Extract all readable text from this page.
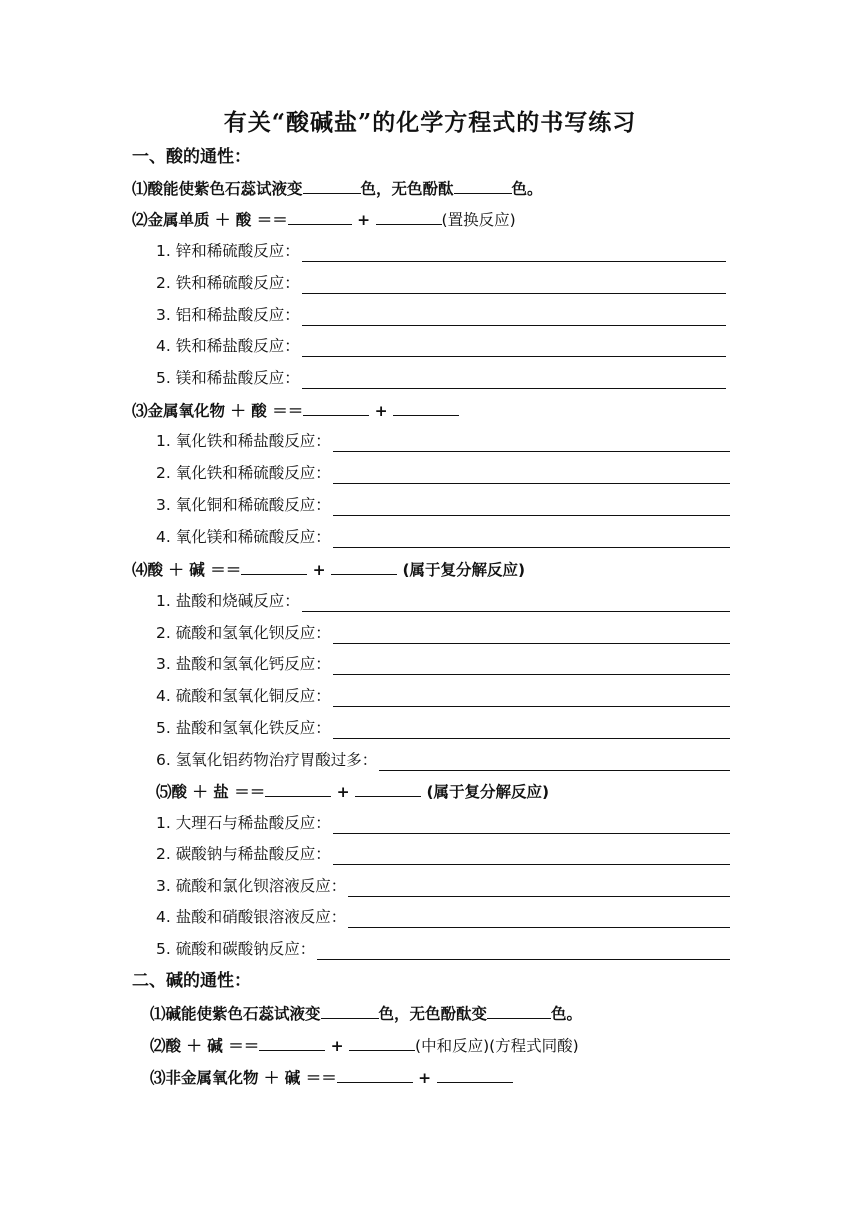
有关“酸碱盐”的化学方程式的书写练习
一、酸的通性：
⑴酸能使紫色石蕊试液变	色，无色酚酞	色。
⑵金属单质 ＋ 酸 ＝＝	+	(置换反应)
1. 锌和稀硫酸反应：
2. 铁和稀硫酸反应：
3. 铝和稀盐酸反应：
4. 铁和稀盐酸反应：
5. 镁和稀盐酸反应：
⑶金属氧化物 ＋ 酸 ＝＝	+
1. 氧化铁和稀盐酸反应：
2. 氧化铁和稀硫酸反应：
3. 氧化铜和稀硫酸反应：
4. 氧化镁和稀硫酸反应：
⑷酸 ＋ 碱 ＝＝	+	(属于复分解反应)
1. 盐酸和烧碱反应：
2. 硫酸和氢氧化钡反应：
3. 盐酸和氢氧化钙反应：
4. 硫酸和氢氧化铜反应：
5. 盐酸和氢氧化铁反应：
6. 氢氧化铝药物治疗胃酸过多：
⑸酸 ＋ 盐 ＝＝	+	(属于复分解反应)
1. 大理石与稀盐酸反应：
2. 碳酸钠与稀盐酸反应：
3. 硫酸和氯化钡溶液反应：
4. 盐酸和硝酸银溶液反应：
5. 硫酸和碳酸钠反应：
二、碱的通性：
⑴碱能使紫色石蕊试液变	色，无色酚酞变	色。
⑵酸 ＋ 碱 ＝＝	+	(中和反应)(方程式同酸)
⑶非金属氧化物 ＋ 碱 ＝＝	+
